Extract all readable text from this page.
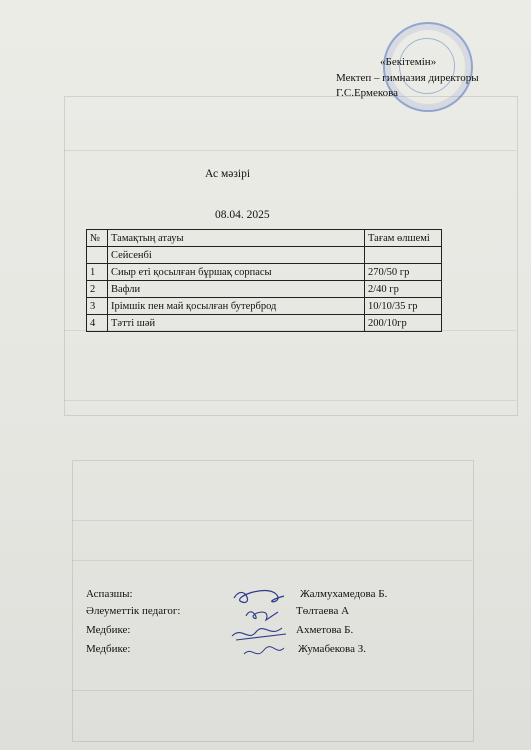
«Бекітемін»
Мектеп – гимназия директоры
Г.С.Ермекова
Ас мәзірі
08.04. 2025
№	Тамақтың атауы	Тағам өлшемі
	Сейсенбі	
1	Сиыр еті қосылған бұршақ сорпасы	270/50 гр
2	Вафли	2/40 гр
3	Ірімшік пен май қосылған бутерброд	10/10/35 гр
4	Тәтті шәй	200/10гр
Аспазшы:	Жалмухамедова Б.
Әлеуметтік педагог:	Төлтаева А
Медбике:	Ахметова Б.
Медбике:	Жумабекова З.
